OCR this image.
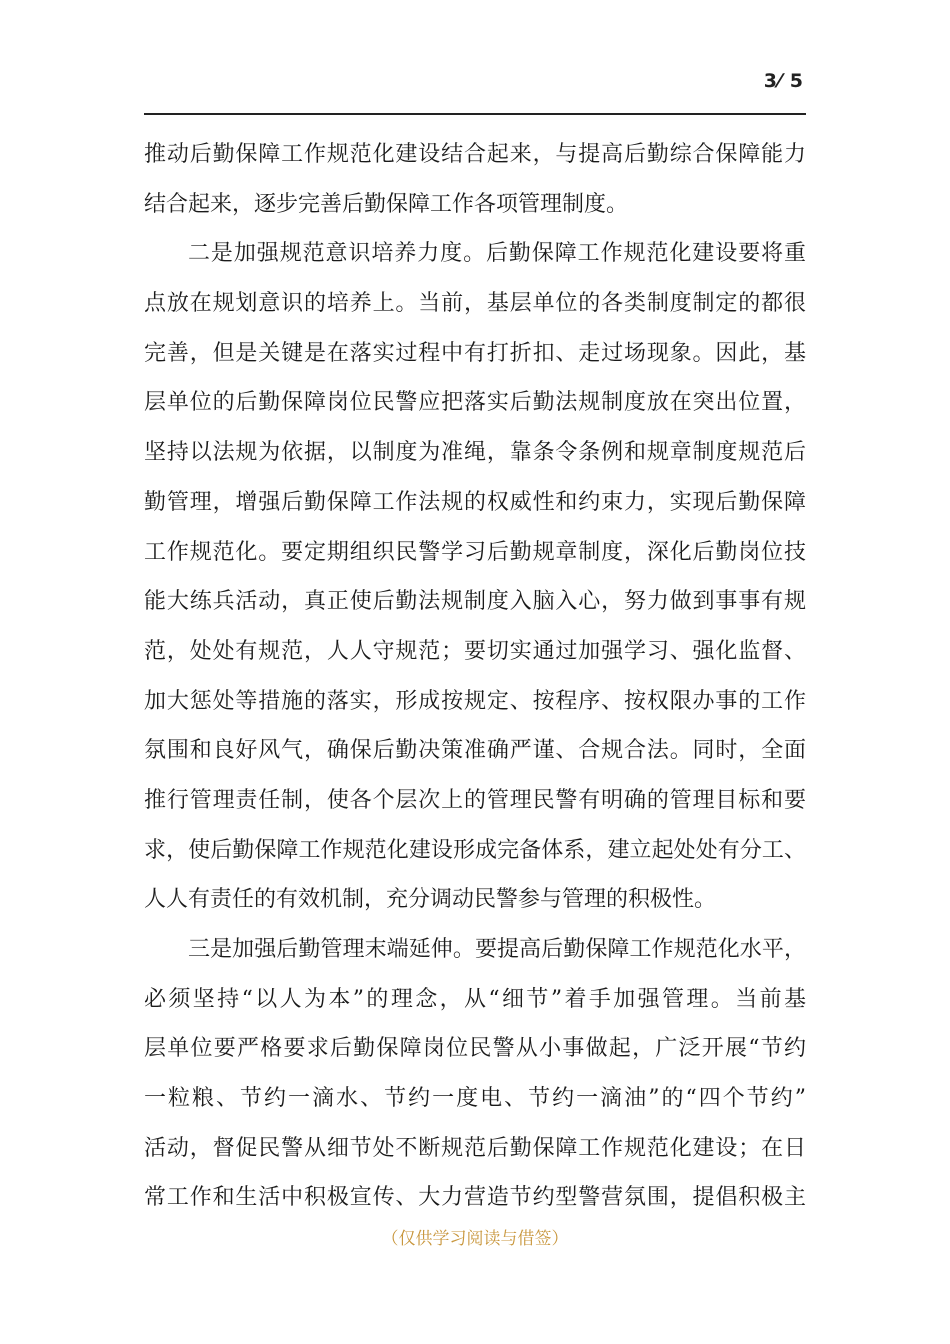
3⁄ 5
推动后勤保障工作规范化建设结合起来，与提高后勤综合保障能力
结合起来，逐步完善后勤保障工作各项管理制度。
二是加强规范意识培养力度。后勤保障工作规范化建设要将重
点放在规划意识的培养上。当前，基层单位的各类制度制定的都很
完善，但是关键是在落实过程中有打折扣、走过场现象。因此，基
层单位的后勤保障岗位民警应把落实后勤法规制度放在突出位置，
坚持以法规为依据，以制度为准绳，靠条令条例和规章制度规范后
勤管理，增强后勤保障工作法规的权威性和约束力，实现后勤保障
工作规范化。要定期组织民警学习后勤规章制度，深化后勤岗位技
能大练兵活动，真正使后勤法规制度入脑入心，努力做到事事有规
范，处处有规范，人人守规范；要切实通过加强学习、强化监督、
加大惩处等措施的落实，形成按规定、按程序、按权限办事的工作
氛围和良好风气，确保后勤决策准确严谨、合规合法。同时，全面
推行管理责任制，使各个层次上的管理民警有明确的管理目标和要
求，使后勤保障工作规范化建设形成完备体系，建立起处处有分工、
人人有责任的有效机制，充分调动民警参与管理的积极性。
三是加强后勤管理末端延伸。要提高后勤保障工作规范化水平，
必须坚持“以人为本”的理念，从“细节”着手加强管理。当前基
层单位要严格要求后勤保障岗位民警从小事做起，广泛开展“节约
一粒粮、节约一滴水、节约一度电、节约一滴油”的“四个节约”
活动，督促民警从细节处不断规范后勤保障工作规范化建设；在日
常工作和生活中积极宣传、大力营造节约型警营氛围，提倡积极主
（仅供学习阅读与借签）
